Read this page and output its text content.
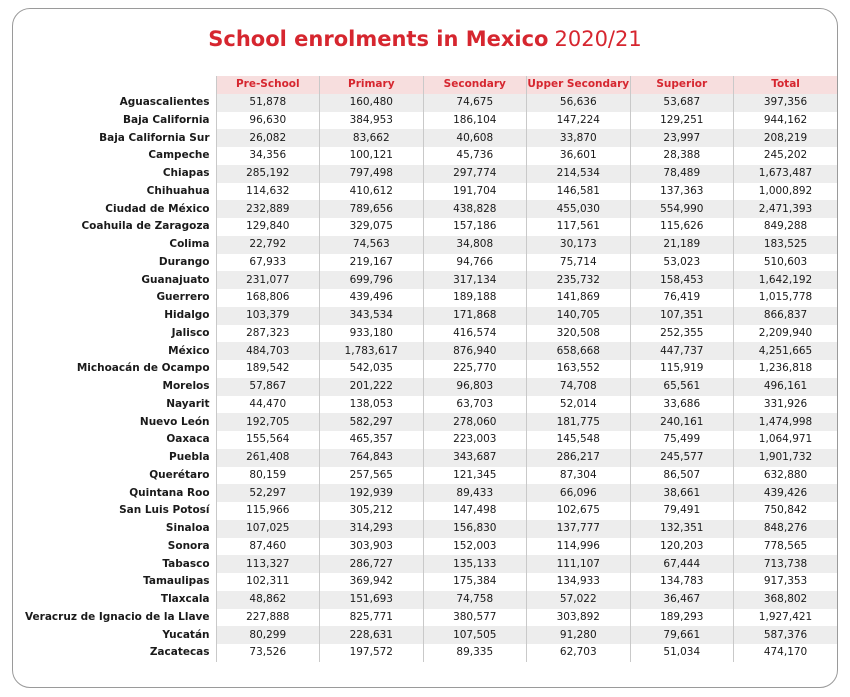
School enrolments in Mexico 2020/21
	Pre-School	Primary	Secondary	Upper Secondary	Superior	Total
Aguascalientes	51,878	160,480	74,675	56,636	53,687	397,356
Baja California	96,630	384,953	186,104	147,224	129,251	944,162
Baja California Sur	26,082	83,662	40,608	33,870	23,997	208,219
Campeche	34,356	100,121	45,736	36,601	28,388	245,202
Chiapas	285,192	797,498	297,774	214,534	78,489	1,673,487
Chihuahua	114,632	410,612	191,704	146,581	137,363	1,000,892
Ciudad de México	232,889	789,656	438,828	455,030	554,990	2,471,393
Coahuila de Zaragoza	129,840	329,075	157,186	117,561	115,626	849,288
Colima	22,792	74,563	34,808	30,173	21,189	183,525
Durango	67,933	219,167	94,766	75,714	53,023	510,603
Guanajuato	231,077	699,796	317,134	235,732	158,453	1,642,192
Guerrero	168,806	439,496	189,188	141,869	76,419	1,015,778
Hidalgo	103,379	343,534	171,868	140,705	107,351	866,837
Jalisco	287,323	933,180	416,574	320,508	252,355	2,209,940
México	484,703	1,783,617	876,940	658,668	447,737	4,251,665
Michoacán de Ocampo	189,542	542,035	225,770	163,552	115,919	1,236,818
Morelos	57,867	201,222	96,803	74,708	65,561	496,161
Nayarit	44,470	138,053	63,703	52,014	33,686	331,926
Nuevo León	192,705	582,297	278,060	181,775	240,161	1,474,998
Oaxaca	155,564	465,357	223,003	145,548	75,499	1,064,971
Puebla	261,408	764,843	343,687	286,217	245,577	1,901,732
Querétaro	80,159	257,565	121,345	87,304	86,507	632,880
Quintana Roo	52,297	192,939	89,433	66,096	38,661	439,426
San Luis Potosí	115,966	305,212	147,498	102,675	79,491	750,842
Sinaloa	107,025	314,293	156,830	137,777	132,351	848,276
Sonora	87,460	303,903	152,003	114,996	120,203	778,565
Tabasco	113,327	286,727	135,133	111,107	67,444	713,738
Tamaulipas	102,311	369,942	175,384	134,933	134,783	917,353
Tlaxcala	48,862	151,693	74,758	57,022	36,467	368,802
Veracruz de Ignacio de la Llave	227,888	825,771	380,577	303,892	189,293	1,927,421
Yucatán	80,299	228,631	107,505	91,280	79,661	587,376
Zacatecas	73,526	197,572	89,335	62,703	51,034	474,170
